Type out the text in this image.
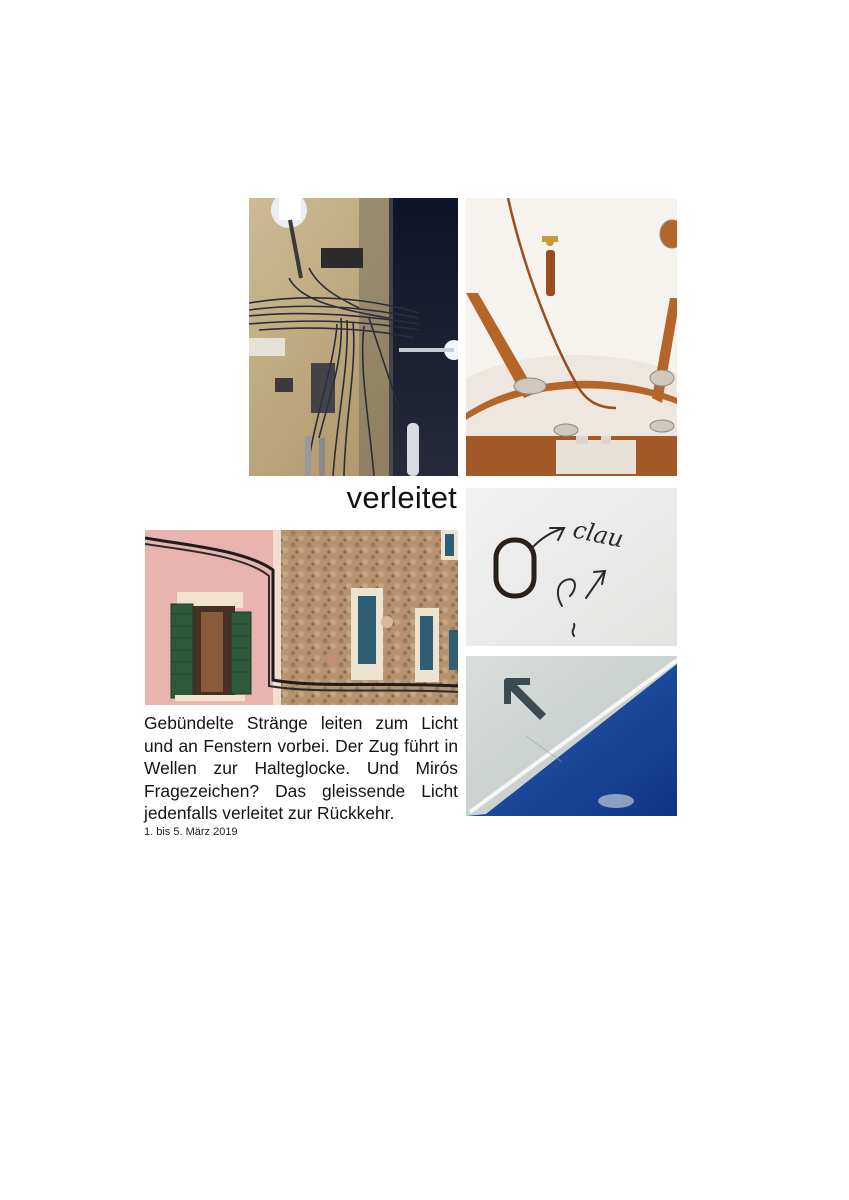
verleitet
Gebündelte Stränge leiten zum Licht und an Fenstern vorbei. Der Zug führt in Wellen zur Halteglocke. Und Mirós Fragezeichen? Das gleissende Licht jedenfalls verleitet zur Rückkehr.
1. bis 5. März 2019
clau
